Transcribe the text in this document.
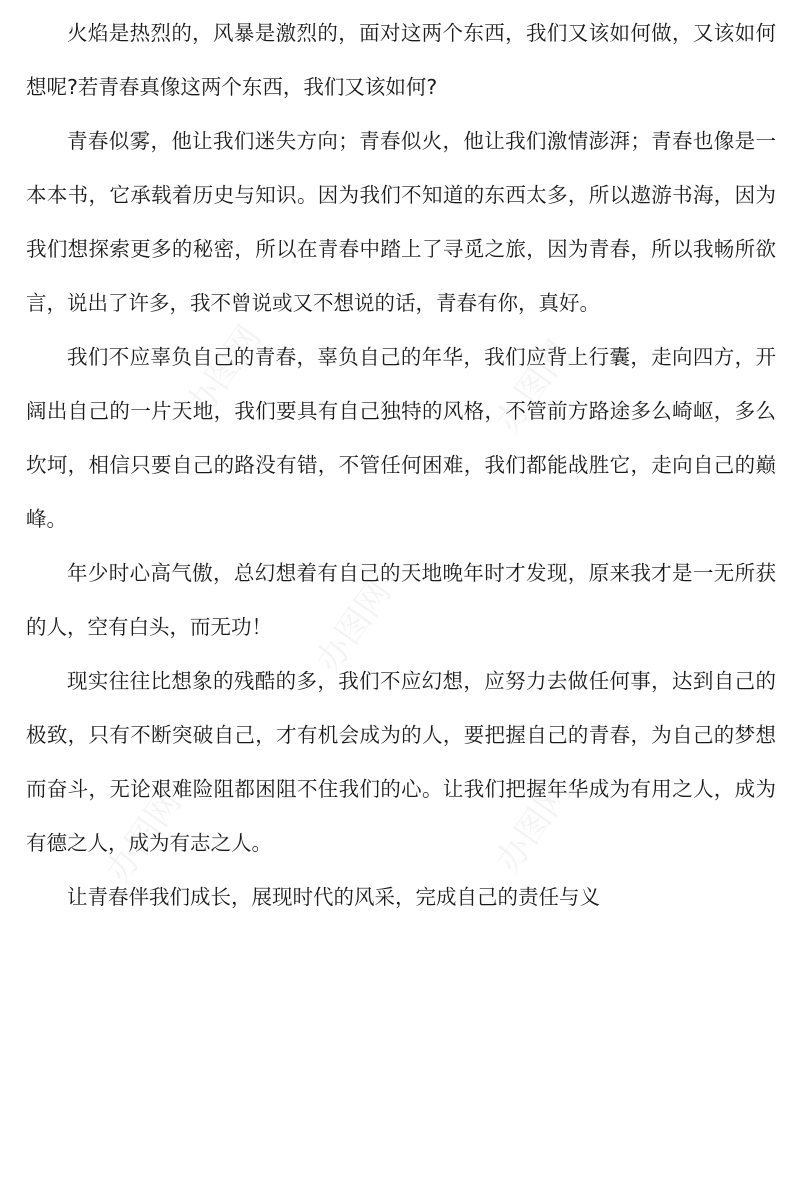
火焰是热烈的，风暴是激烈的，面对这两个东西，我们又该如何做，又该如何想呢?若青春真像这两个东西，我们又该如何?

青春似雾，他让我们迷失方向；青春似火，他让我们激情澎湃；青春也像是一本本书，它承载着历史与知识。因为我们不知道的东西太多，所以遨游书海，因为我们想探索更多的秘密，所以在青春中踏上了寻觅之旅，因为青春，所以我畅所欲言，说出了许多，我不曾说或又不想说的话，青春有你，真好。

我们不应辜负自己的青春，辜负自己的年华，我们应背上行囊，走向四方，开阔出自己的一片天地，我们要具有自己独特的风格，不管前方路途多么崎岖，多么坎坷，相信只要自己的路没有错，不管任何困难，我们都能战胜它，走向自己的巅峰。

年少时心高气傲，总幻想着有自己的天地晚年时才发现，原来我才是一无所获的人，空有白头，而无功！

现实往往比想象的残酷的多，我们不应幻想，应努力去做任何事，达到自己的极致，只有不断突破自己，才有机会成为的人，要把握自己的青春，为自己的梦想而奋斗，无论艰难险阻都困阻不住我们的心。让我们把握年华成为有用之人，成为有德之人，成为有志之人。

让青春伴我们成长，展现时代的风采，完成自己的责任与义
